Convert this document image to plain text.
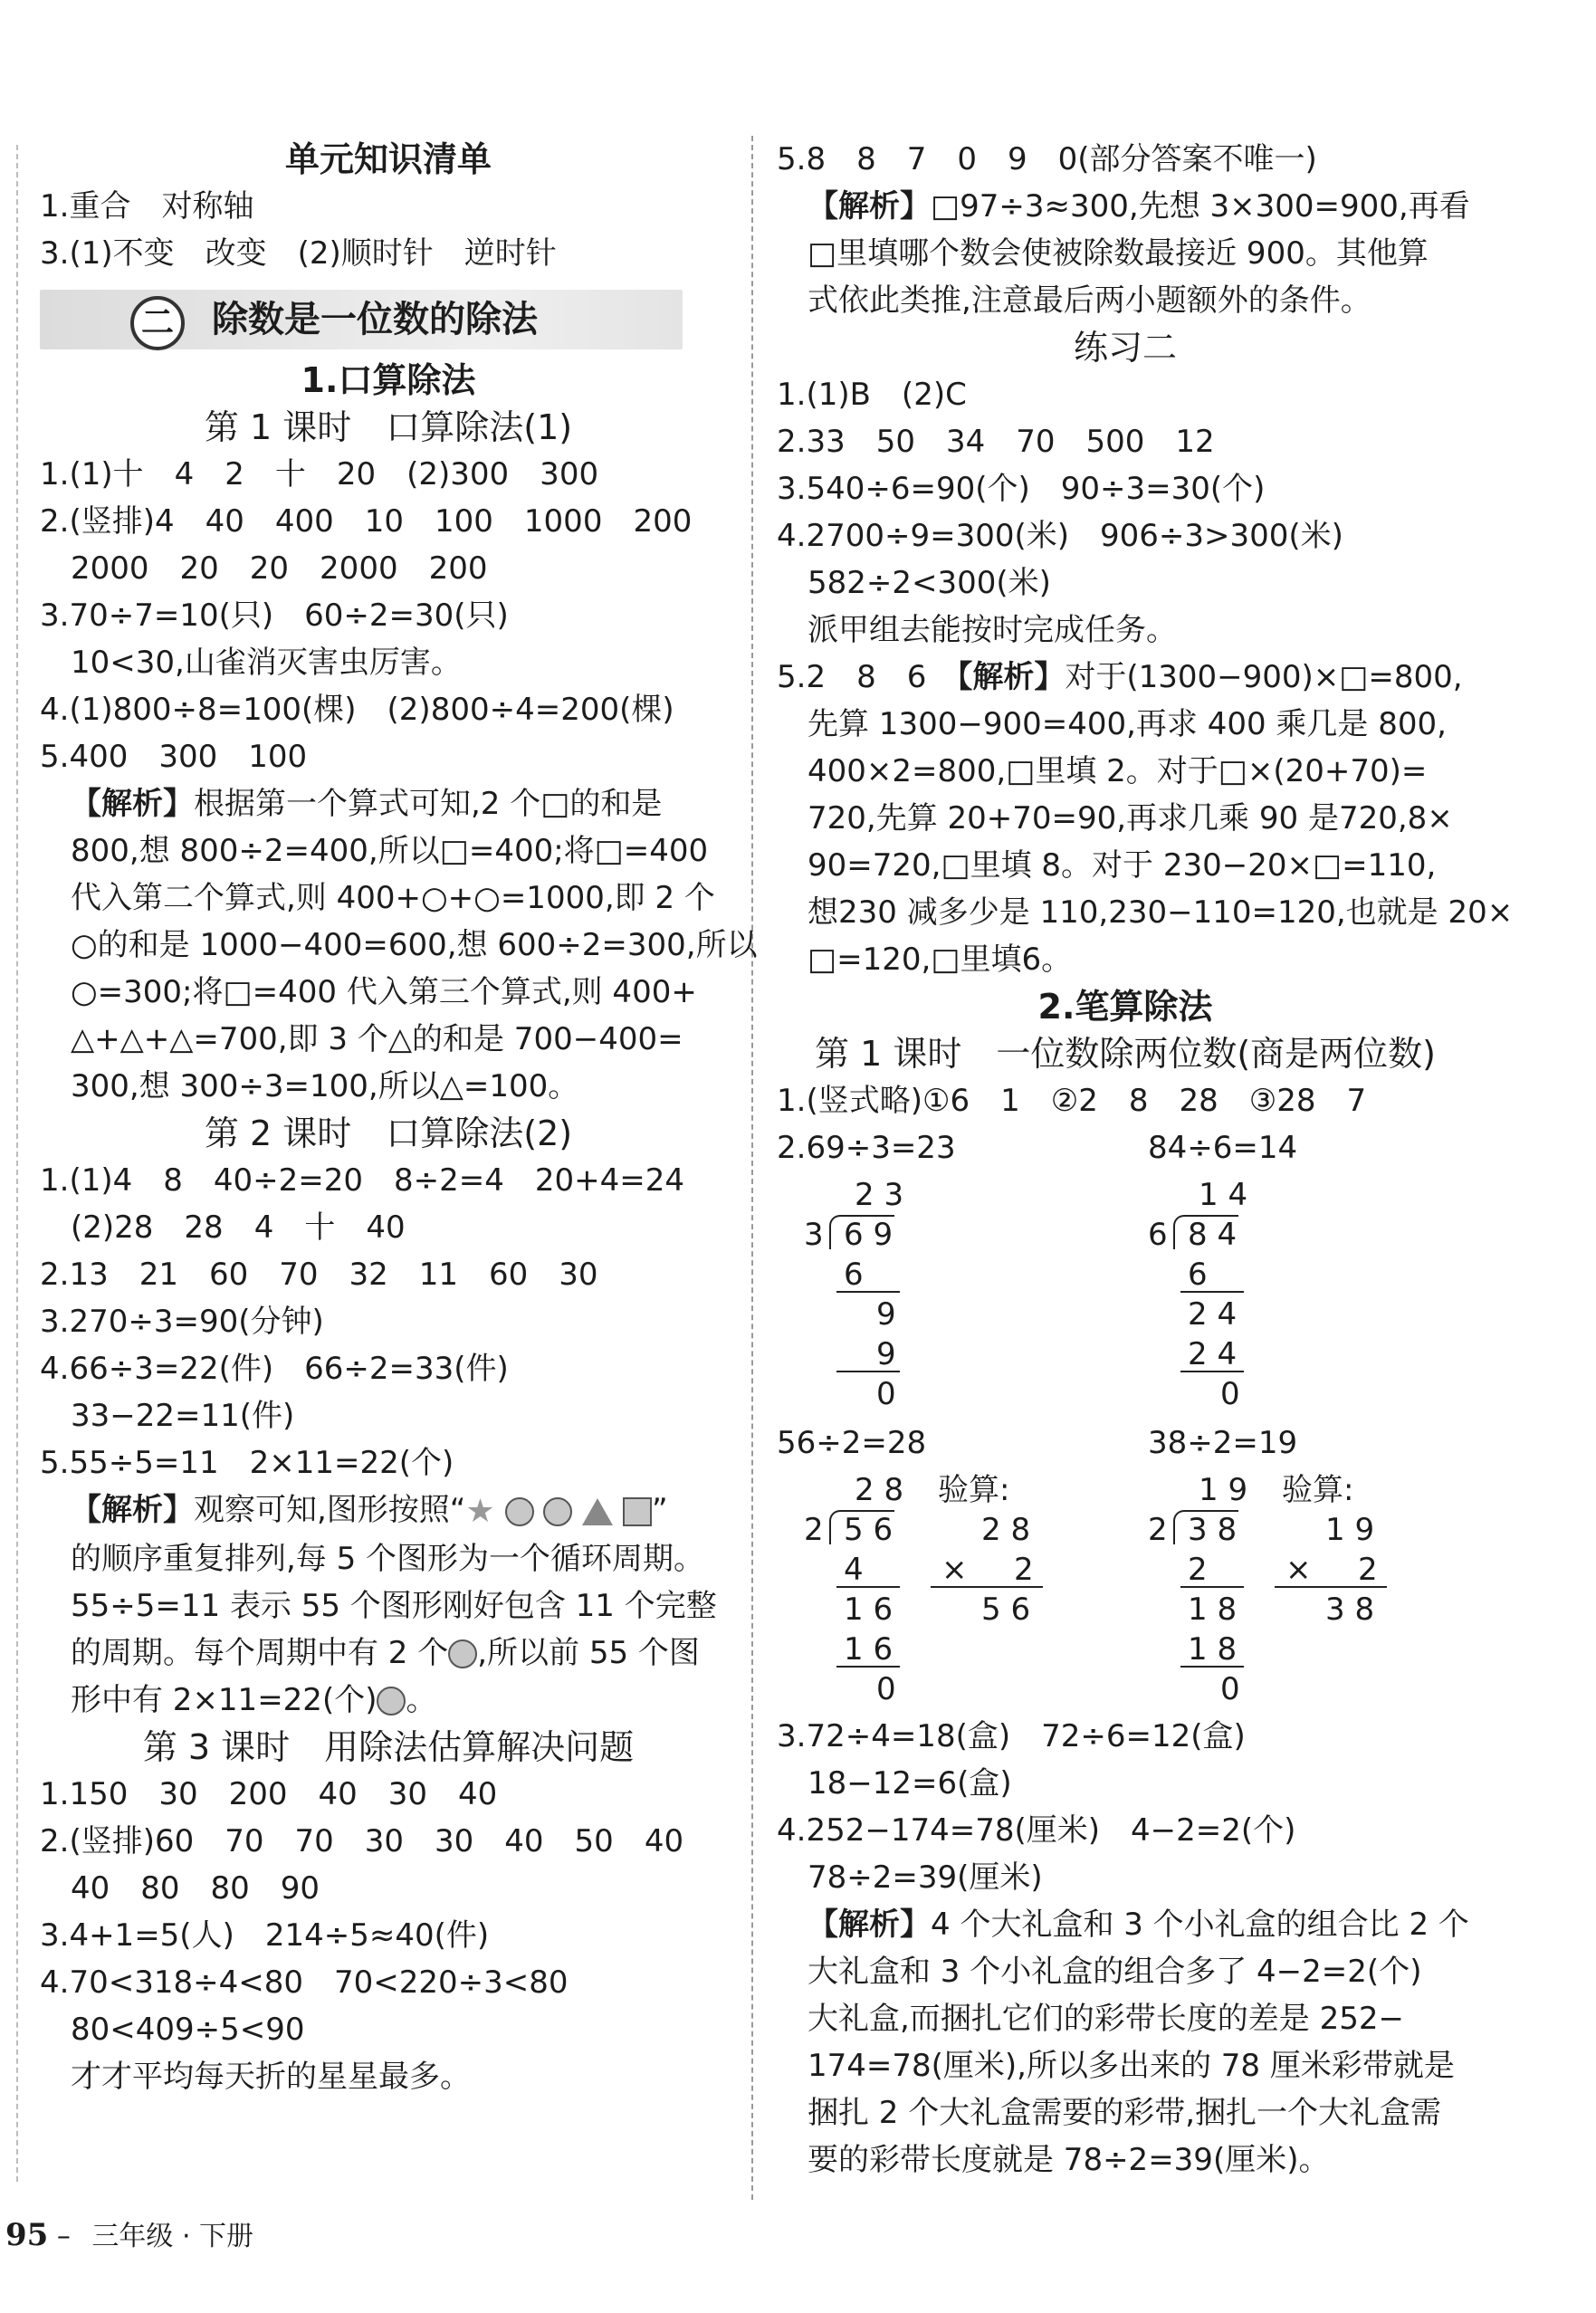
单元知识清单
1.重合　对称轴
3.(1)不变　改变　(2)顺时针　逆时针
二	除数是一位数的除法
1.口算除法
第 1 课时　口算除法(1)
1.(1)十　4　2　十　20　(2)300　300
2.(竖排)4　40　400　10　100　1000　200
2000　20　20　2000　200
3.70÷7=10(只)　60÷2=30(只)
10<30,山雀消灭害虫厉害。
4.(1)800÷8=100(棵)　(2)800÷4=200(棵)
5.400　300　100
【解析】根据第一个算式可知,2 个□的和是
800,想 800÷2=400,所以□=400;将□=400
代入第二个算式,则 400+○+○=1000,即 2 个
○的和是 1000−400=600,想 600÷2=300,所以
○=300;将□=400 代入第三个算式,则 400+
△+△+△=700,即 3 个△的和是 700−400=
300,想 300÷3=100,所以△=100。
第 2 课时　口算除法(2)
1.(1)4　8　40÷2=20　8÷2=4　20+4=24
(2)28　28　4　十　40
2.13　21　60　70　32　11　60　30
3.270÷3=90(分钟)
4.66÷3=22(件)　66÷2=33(件)
33−22=11(件)
5.55÷5=11　2×11=22(个)
【解析】观察可知,图形按照“★	”
的顺序重复排列,每 5 个图形为一个循环周期。
55÷5=11 表示 55 个图形刚好包含 11 个完整
的周期。每个周期中有 2 个 ,所以前 55 个图
形中有 2×11=22(个) 。
第 3 课时　用除法估算解决问题
1.150　30　200　40　30　40
2.(竖排)60　70　70　30　30　40　50　40
40　80　80　90
3.4+1=5(人)　214÷5≈40(件)
4.70<318÷4<80　70<220÷3<80
80<409÷5<90
才才平均每天折的星星最多。
5.8　8　7　0　9　0(部分答案不唯一)
【解析】□97÷3≈300,先想 3×300=900,再看
□里填哪个数会使被除数最接近 900。其他算
式依此类推,注意最后两小题额外的条件。
练习二
1.(1)B　(2)C
2.33　50　34　70　500　12
3.540÷6=90(个)　90÷3=30(个)
4.2700÷9=300(米)　906÷3>300(米)
582÷2<300(米)
派甲组去能按时完成任务。
5.2　8　6　【解析】对于(1300−900)×□=800,
先算 1300−900=400,再求 400 乘几是 800,
400×2=800,□里填 2。对于□×(20+70)=
720,先算 20+70=90,再求几乘 90 是720,8×
90=720,□里填 8。对于 230−20×□=110,
想230 减多少是 110,230−110=120,也就是 20×
□=120,□里填6。
2.笔算除法
第 1 课时　一位数除两位数(商是两位数)
1.(竖式略)①6　1　②2　8　28　③28　7
2.69÷3=23	84÷6=14
2 3
3 6 9
6
9
9
0
1 4
6 8 4
6
2 4
2 4
0
56÷2=28	38÷2=19
2 8
2 5 6
4
1 6
1 6
0
验算:
2 8
× 2
5 6
1 9
2 3 8
2
1 8
1 8
0
验算:
1 9
× 2
3 8
3.72÷4=18(盒)　72÷6=12(盒)
18−12=6(盒)
4.252−174=78(厘米)　4−2=2(个)
78÷2=39(厘米)
【解析】4 个大礼盒和 3 个小礼盒的组合比 2 个
大礼盒和 3 个小礼盒的组合多了 4−2=2(个)
大礼盒,而捆扎它们的彩带长度的差是 252−
174=78(厘米),所以多出来的 78 厘米彩带就是
捆扎 2 个大礼盒需要的彩带,捆扎一个大礼盒需
要的彩带长度就是 78÷2=39(厘米)。
95 – 三年级 · 下册
